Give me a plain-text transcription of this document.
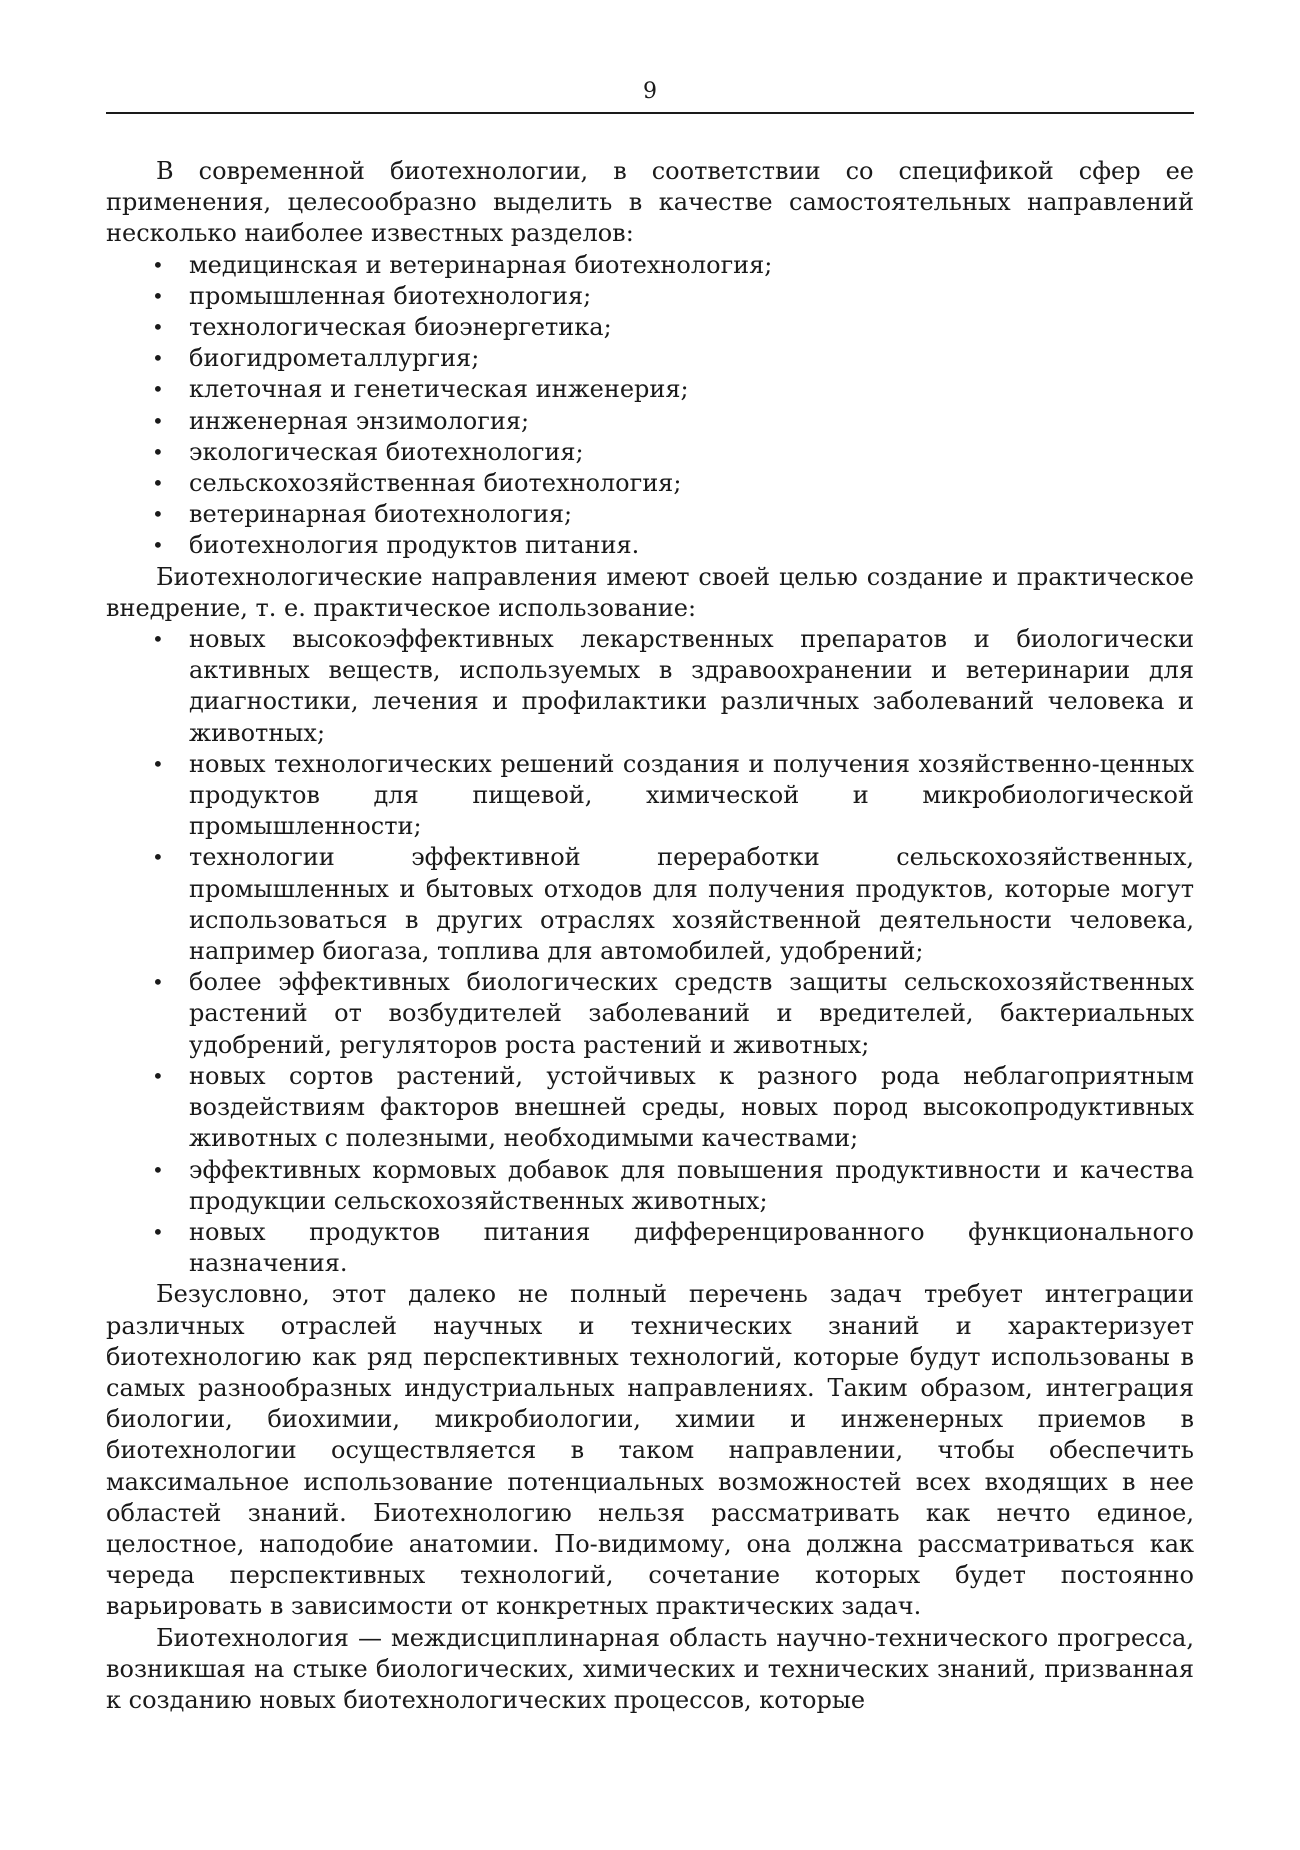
9

В современной биотехнологии, в соответствии со спецификой сфер ее применения, целесообразно выделить в качестве самостоятельных направлений несколько наиболее известных разделов:

• медицинская и ветеринарная биотехнология;
• промышленная биотехнология;
• технологическая биоэнергетика;
• биогидрометаллургия;
• клеточная и генетическая инженерия;
• инженерная энзимология;
• экологическая биотехнология;
• сельскохозяйственная биотехнология;
• ветеринарная биотехнология;
• биотехнология продуктов питания.

Биотехнологические направления имеют своей целью создание и практическое внедрение, т. е. практическое использование:

• новых высокоэффективных лекарственных препаратов и биологически активных веществ, используемых в здравоохранении и ветеринарии для диагностики, лечения и профилактики различных заболеваний человека и животных;
• новых технологических решений создания и получения хозяйственно-ценных продуктов для пищевой, химической и микробиологической промышленности;
• технологии эффективной переработки сельскохозяйственных, промышленных и бытовых отходов для получения продуктов, которые могут использоваться в других отраслях хозяйственной деятельности человека, например биогаза, топлива для автомобилей, удобрений;
• более эффективных биологических средств защиты сельскохозяйственных растений от возбудителей заболеваний и вредителей, бактериальных удобрений, регуляторов роста растений и животных;
• новых сортов растений, устойчивых к разного рода неблагоприятным воздействиям факторов внешней среды, новых пород высокопродуктивных животных с полезными, необходимыми качествами;
• эффективных кормовых добавок для повышения продуктивности и качества продукции сельскохозяйственных животных;
• новых продуктов питания дифференцированного функционального назначения.

Безусловно, этот далеко не полный перечень задач требует интеграции различных отраслей научных и технических знаний и характеризует биотехнологию как ряд перспективных технологий, которые будут использованы в самых разнообразных индустриальных направлениях. Таким образом, интеграция биологии, биохимии, микробиологии, химии и инженерных приемов в биотехнологии осуществляется в таком направлении, чтобы обеспечить максимальное использование потенциальных возможностей всех входящих в нее областей знаний. Биотехнологию нельзя рассматривать как нечто единое, целостное, наподобие анатомии. По-видимому, она должна рассматриваться как череда перспективных технологий, сочетание которых будет постоянно варьировать в зависимости от конкретных практических задач.

Биотехнология — междисциплинарная область научно-технического прогресса, возникшая на стыке биологических, химических и технических знаний, призванная к созданию новых биотехнологических процессов, которые
